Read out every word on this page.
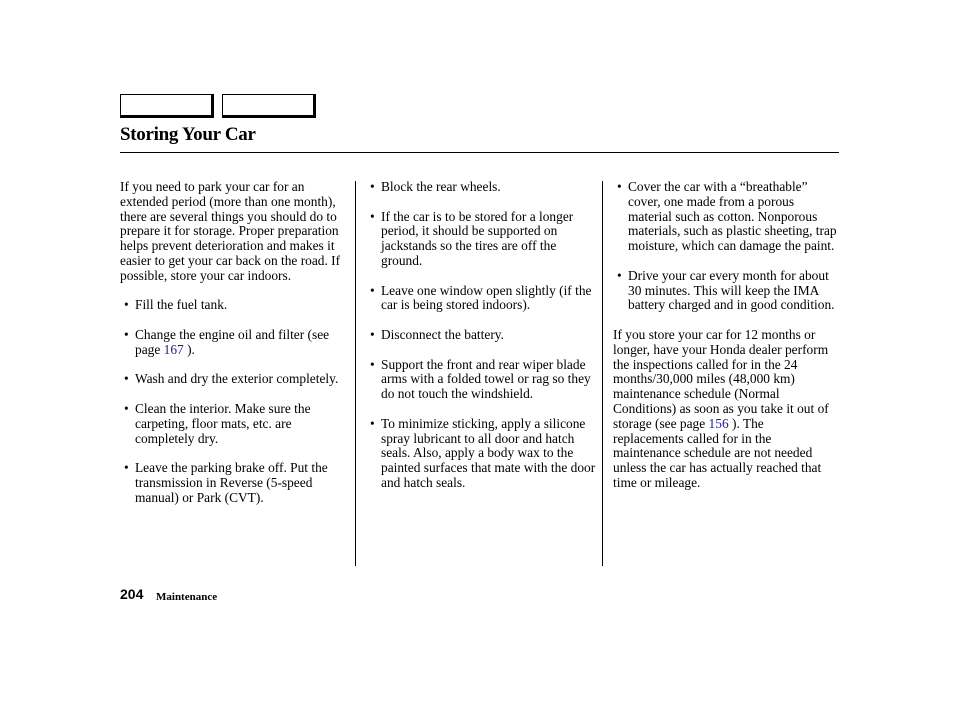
Storing Your Car

If you need to park your car for an extended period (more than one month), there are several things you should do to prepare it for storage. Proper preparation helps prevent deterioration and makes it easier to get your car back on the road. If possible, store your car indoors.

• Fill the fuel tank.

• Change the engine oil and filter (see page 167 ).

• Wash and dry the exterior completely.

• Clean the interior. Make sure the carpeting, floor mats, etc. are completely dry.

• Leave the parking brake off. Put the transmission in Reverse (5-speed manual) or Park (CVT).

• Block the rear wheels.

• If the car is to be stored for a longer period, it should be supported on jackstands so the tires are off the ground.

• Leave one window open slightly (if the car is being stored indoors).

• Disconnect the battery.

• Support the front and rear wiper blade arms with a folded towel or rag so they do not touch the windshield.

• To minimize sticking, apply a silicone spray lubricant to all door and hatch seals. Also, apply a body wax to the painted surfaces that mate with the door and hatch seals.

• Cover the car with a “breathable” cover, one made from a porous material such as cotton. Nonporous materials, such as plastic sheeting, trap moisture, which can damage the paint.

• Drive your car every month for about 30 minutes. This will keep the IMA battery charged and in good condition.

If you store your car for 12 months or longer, have your Honda dealer perform the inspections called for in the 24 months/30,000 miles (48,000 km) maintenance schedule (Normal Conditions) as soon as you take it out of storage (see page 156 ). The replacements called for in the maintenance schedule are not needed unless the car has actually reached that time or mileage.

204 Maintenance
